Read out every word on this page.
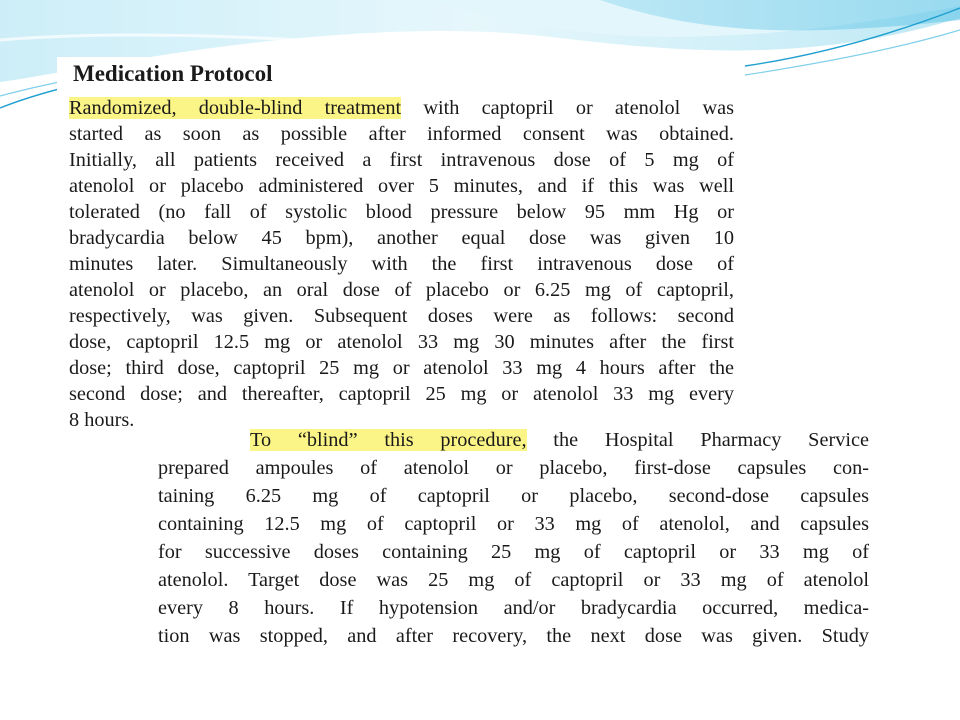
Medication Protocol
Randomized, double-blind treatment with captopril or atenolol was
started as soon as possible after informed consent was obtained.
Initially, all patients received a first intravenous dose of 5 mg of
atenolol or placebo administered over 5 minutes, and if this was well
tolerated (no fall of systolic blood pressure below 95 mm Hg or
bradycardia below 45 bpm), another equal dose was given 10
minutes later. Simultaneously with the first intravenous dose of
atenolol or placebo, an oral dose of placebo or 6.25 mg of captopril,
respectively, was given. Subsequent doses were as follows: second
dose, captopril 12.5 mg or atenolol 33 mg 30 minutes after the first
dose; third dose, captopril 25 mg or atenolol 33 mg 4 hours after the
second dose; and thereafter, captopril 25 mg or atenolol 33 mg every
8 hours.
To “blind” this procedure, the Hospital Pharmacy Service
prepared ampoules of atenolol or placebo, first-dose capsules con-
taining 6.25 mg of captopril or placebo, second-dose capsules
containing 12.5 mg of captopril or 33 mg of atenolol, and capsules
for successive doses containing 25 mg of captopril or 33 mg of
atenolol. Target dose was 25 mg of captopril or 33 mg of atenolol
every 8 hours. If hypotension and/or bradycardia occurred, medica-
tion was stopped, and after recovery, the next dose was given. Study
